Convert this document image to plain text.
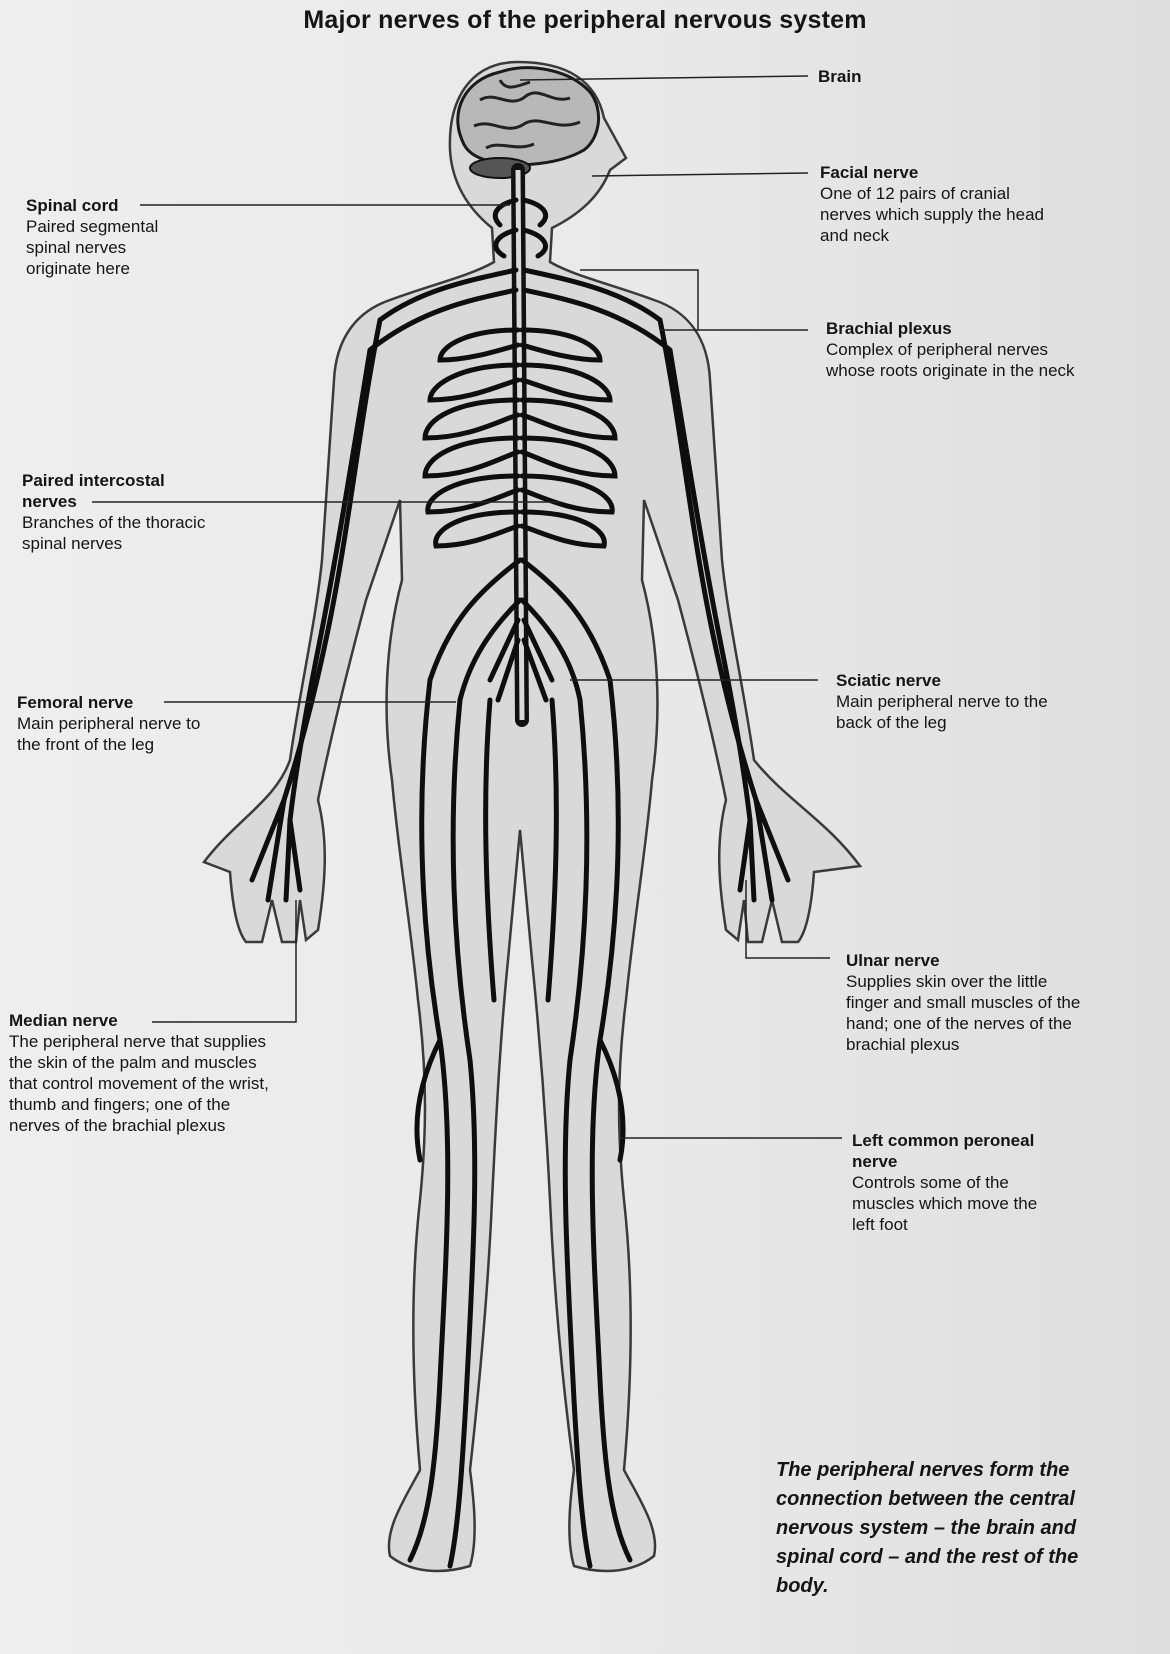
Major nerves of the peripheral nervous system
Brain
Facial nerve
One of 12 pairs of cranial nerves which supply the head and neck
Spinal cord
Paired segmental spinal nerves originate here
Brachial plexus
Complex of peripheral nerves whose roots originate in the neck
Paired intercostal nerves
Branches of the thoracic spinal nerves
Sciatic nerve
Main peripheral nerve to the back of the leg
Femoral nerve
Main peripheral nerve to the front of the leg
Ulnar nerve
Supplies skin over the little finger and small muscles of the hand; one of the nerves of the brachial plexus
Median nerve
The peripheral nerve that supplies the skin of the palm and muscles that control movement of the wrist, thumb and fingers; one of the nerves of the brachial plexus
Left common peroneal nerve
Controls some of the muscles which move the left foot
The peripheral nerves form the connection between the central nervous system – the brain and spinal cord – and the rest of the body.
